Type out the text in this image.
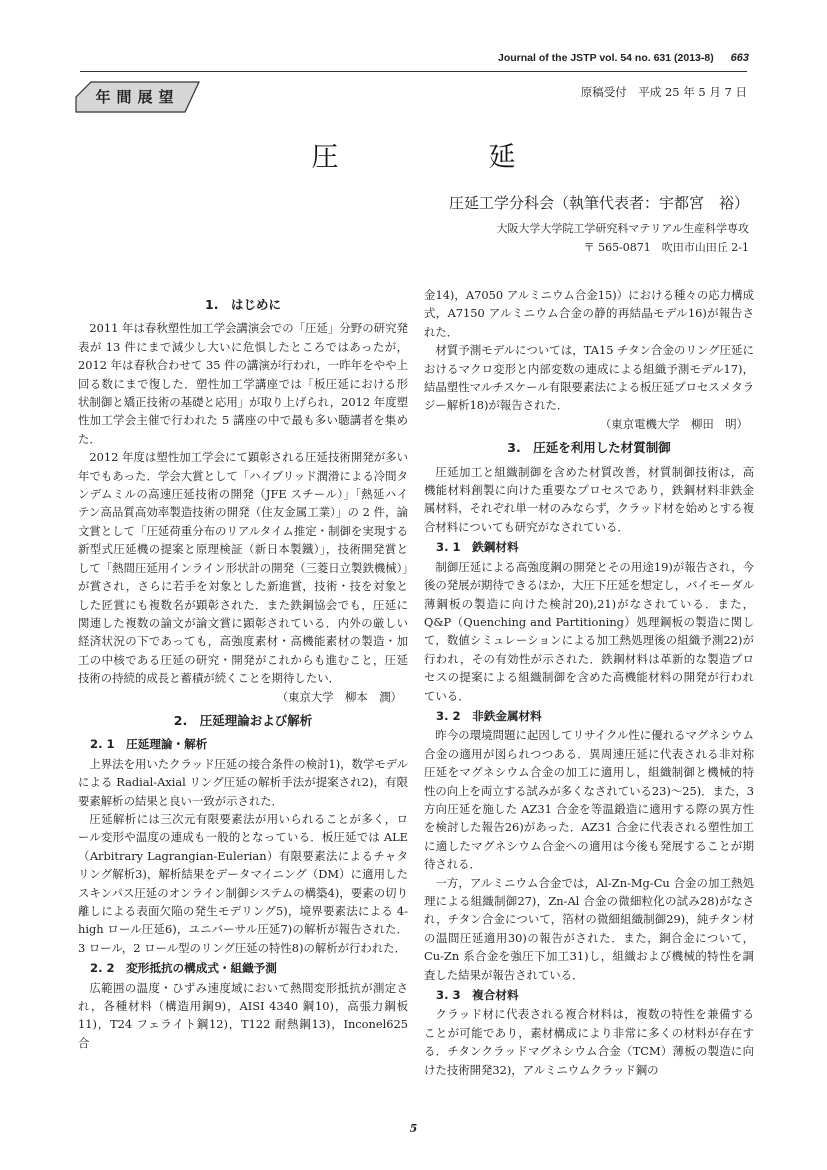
Journal of the JSTP vol. 54 no. 631 (2013-8) 663
年間展望	原稿受付　平成 25 年 5 月 7 日
圧延
圧延工学分科会（執筆代表者：宇都宮　裕）
大阪大学大学院工学研究科マテリアル生産科学専攻
〒 565-0871　吹田市山田丘 2-1
1.　はじめに

2011 年は春秋塑性加工学会講演会での「圧延」分野の研究発表が 13 件にまで減少し大いに危惧したところではあったが，2012 年は春秋合わせて 35 件の講演が行われ，一昨年をやや上回る数にまで復した．塑性加工学講座では「板圧延における形状制御と矯正技術の基礎と応用」が取り上げられ，2012 年度塑性加工学会主催で行われた 5 講座の中で最も多い聴講者を集めた．

2012 年度は塑性加工学会にて顕彰される圧延技術開発が多い年でもあった．学会大賞として「ハイブリッド潤滑による冷間タンデムミルの高速圧延技術の開発（JFE スチール）」「熱延ハイテン高品質高効率製造技術の開発（住友金属工業）」の 2 件，論文賞として「圧延荷重分布のリアルタイム推定・制御を実現する新型式圧延機の提案と原理検証（新日本製鐵）」，技術開発賞として「熱間圧延用インライン形状計の開発（三菱日立製鉄機械）」が賞され，さらに若手を対象とした新進賞，技術・技を対象とした匠賞にも複数名が顕彰された．また鉄鋼協会でも，圧延に関連した複数の論文が論文賞に顕彰されている．内外の厳しい経済状況の下であっても，高強度素材・高機能素材の製造・加工の中核である圧延の研究・開発がこれからも進むこと，圧延技術の持続的成長と蓄積が続くことを期待したい．

（東京大学　柳本　潤）
2.　圧延理論および解析
2. 1　圧延理論・解析

上界法を用いたクラッド圧延の接合条件の検討1)，数学モデルによる Radial-Axial リング圧延の解析手法が提案され2)，有限要素解析の結果と良い一致が示された．

圧延解析には三次元有限要素法が用いられることが多く，ロール変形や温度の連成も一般的となっている．板圧延では ALE（Arbitrary Lagrangian-Eulerian）有限要素法によるチャタリング解析3)，解析結果をデータマイニング（DM）に適用したスキンパス圧延のオンライン制御システムの構築4)，要素の切り離しによる表面欠陥の発生モデリング5)，境界要素法による 4-high ロール圧延6)，ユニバーサル圧延7)の解析が報告された．3 ロール，2 ロール型のリング圧延の特性8)の解析が行われた．

2. 2　変形抵抗の構成式・組織予測

広範囲の温度・ひずみ速度域において熱間変形抵抗が測定され，各種材料（構造用鋼9)，AISI 4340 鋼10)，高張力鋼板11)，T24 フェライト鋼12)，T122 耐熱鋼13)，Inconel625 合

金14)，A7050 アルミニウム合金15)）における種々の応力構成式，A7150 アルミニウム合金の静的再結晶モデル16)が報告された．

材質予測モデルについては，TA15 チタン合金のリング圧延におけるマクロ変形と内部変数の連成による組織予測モデル17)，結晶塑性マルチスケール有限要素法による板圧延プロセスメタラジー解析18)が報告された．

（東京電機大学　柳田　明）
3.　圧延を利用した材質制御

圧延加工と組織制御を含めた材質改善，材質制御技術は，高機能材料創製に向けた重要なプロセスであり，鉄鋼材料非鉄金属材料，それぞれ単一材のみならず，クラッド材を始めとする複合材料についても研究がなされている．

3. 1　鉄鋼材料

制御圧延による高強度鋼の開発とその用途19)が報告され，今後の発展が期待できるほか，大圧下圧延を想定し，バイモーダル薄鋼板の製造に向けた検討20),21)がなされている．また，Q&P（Quenching and Partitioning）処理鋼板の製造に関して，数値シミュレーションによる加工熱処理後の組織予測22)が行われ，その有効性が示された．鉄鋼材料は革新的な製造プロセスの提案による組織制御を含めた高機能材料の開発が行われている．

3. 2　非鉄金属材料

昨今の環境問題に起因してリサイクル性に優れるマグネシウム合金の適用が図られつつある．異周速圧延に代表される非対称圧延をマグネシウム合金の加工に適用し，組織制御と機械的特性の向上を両立する試みが多くなされている23)～25)．また，3 方向圧延を施した AZ31 合金を等温鍛造に適用する際の異方性を検討した報告26)があった．AZ31 合金に代表される塑性加工に適したマグネシウム合金への適用は今後も発展することが期待される．

一方，アルミニウム合金では，Al-Zn-Mg-Cu 合金の加工熱処理による組織制御27)，Zn-Al 合金の微細粒化の試み28)がなされ，チタン合金について，箔材の微細組織制御29)，純チタン材の温間圧延適用30)の報告がされた．また，銅合金について，Cu-Zn 系合金を強圧下加工31)し，組織および機械的特性を調査した結果が報告されている．

3. 3　複合材料

クラッド材に代表される複合材料は，複数の特性を兼備することが可能であり，素材構成により非常に多くの材料が存在する．チタンクラッドマグネシウム合金（TCM）薄板の製造に向けた技術開発32)，アルミニウムクラッド鋼の

5
